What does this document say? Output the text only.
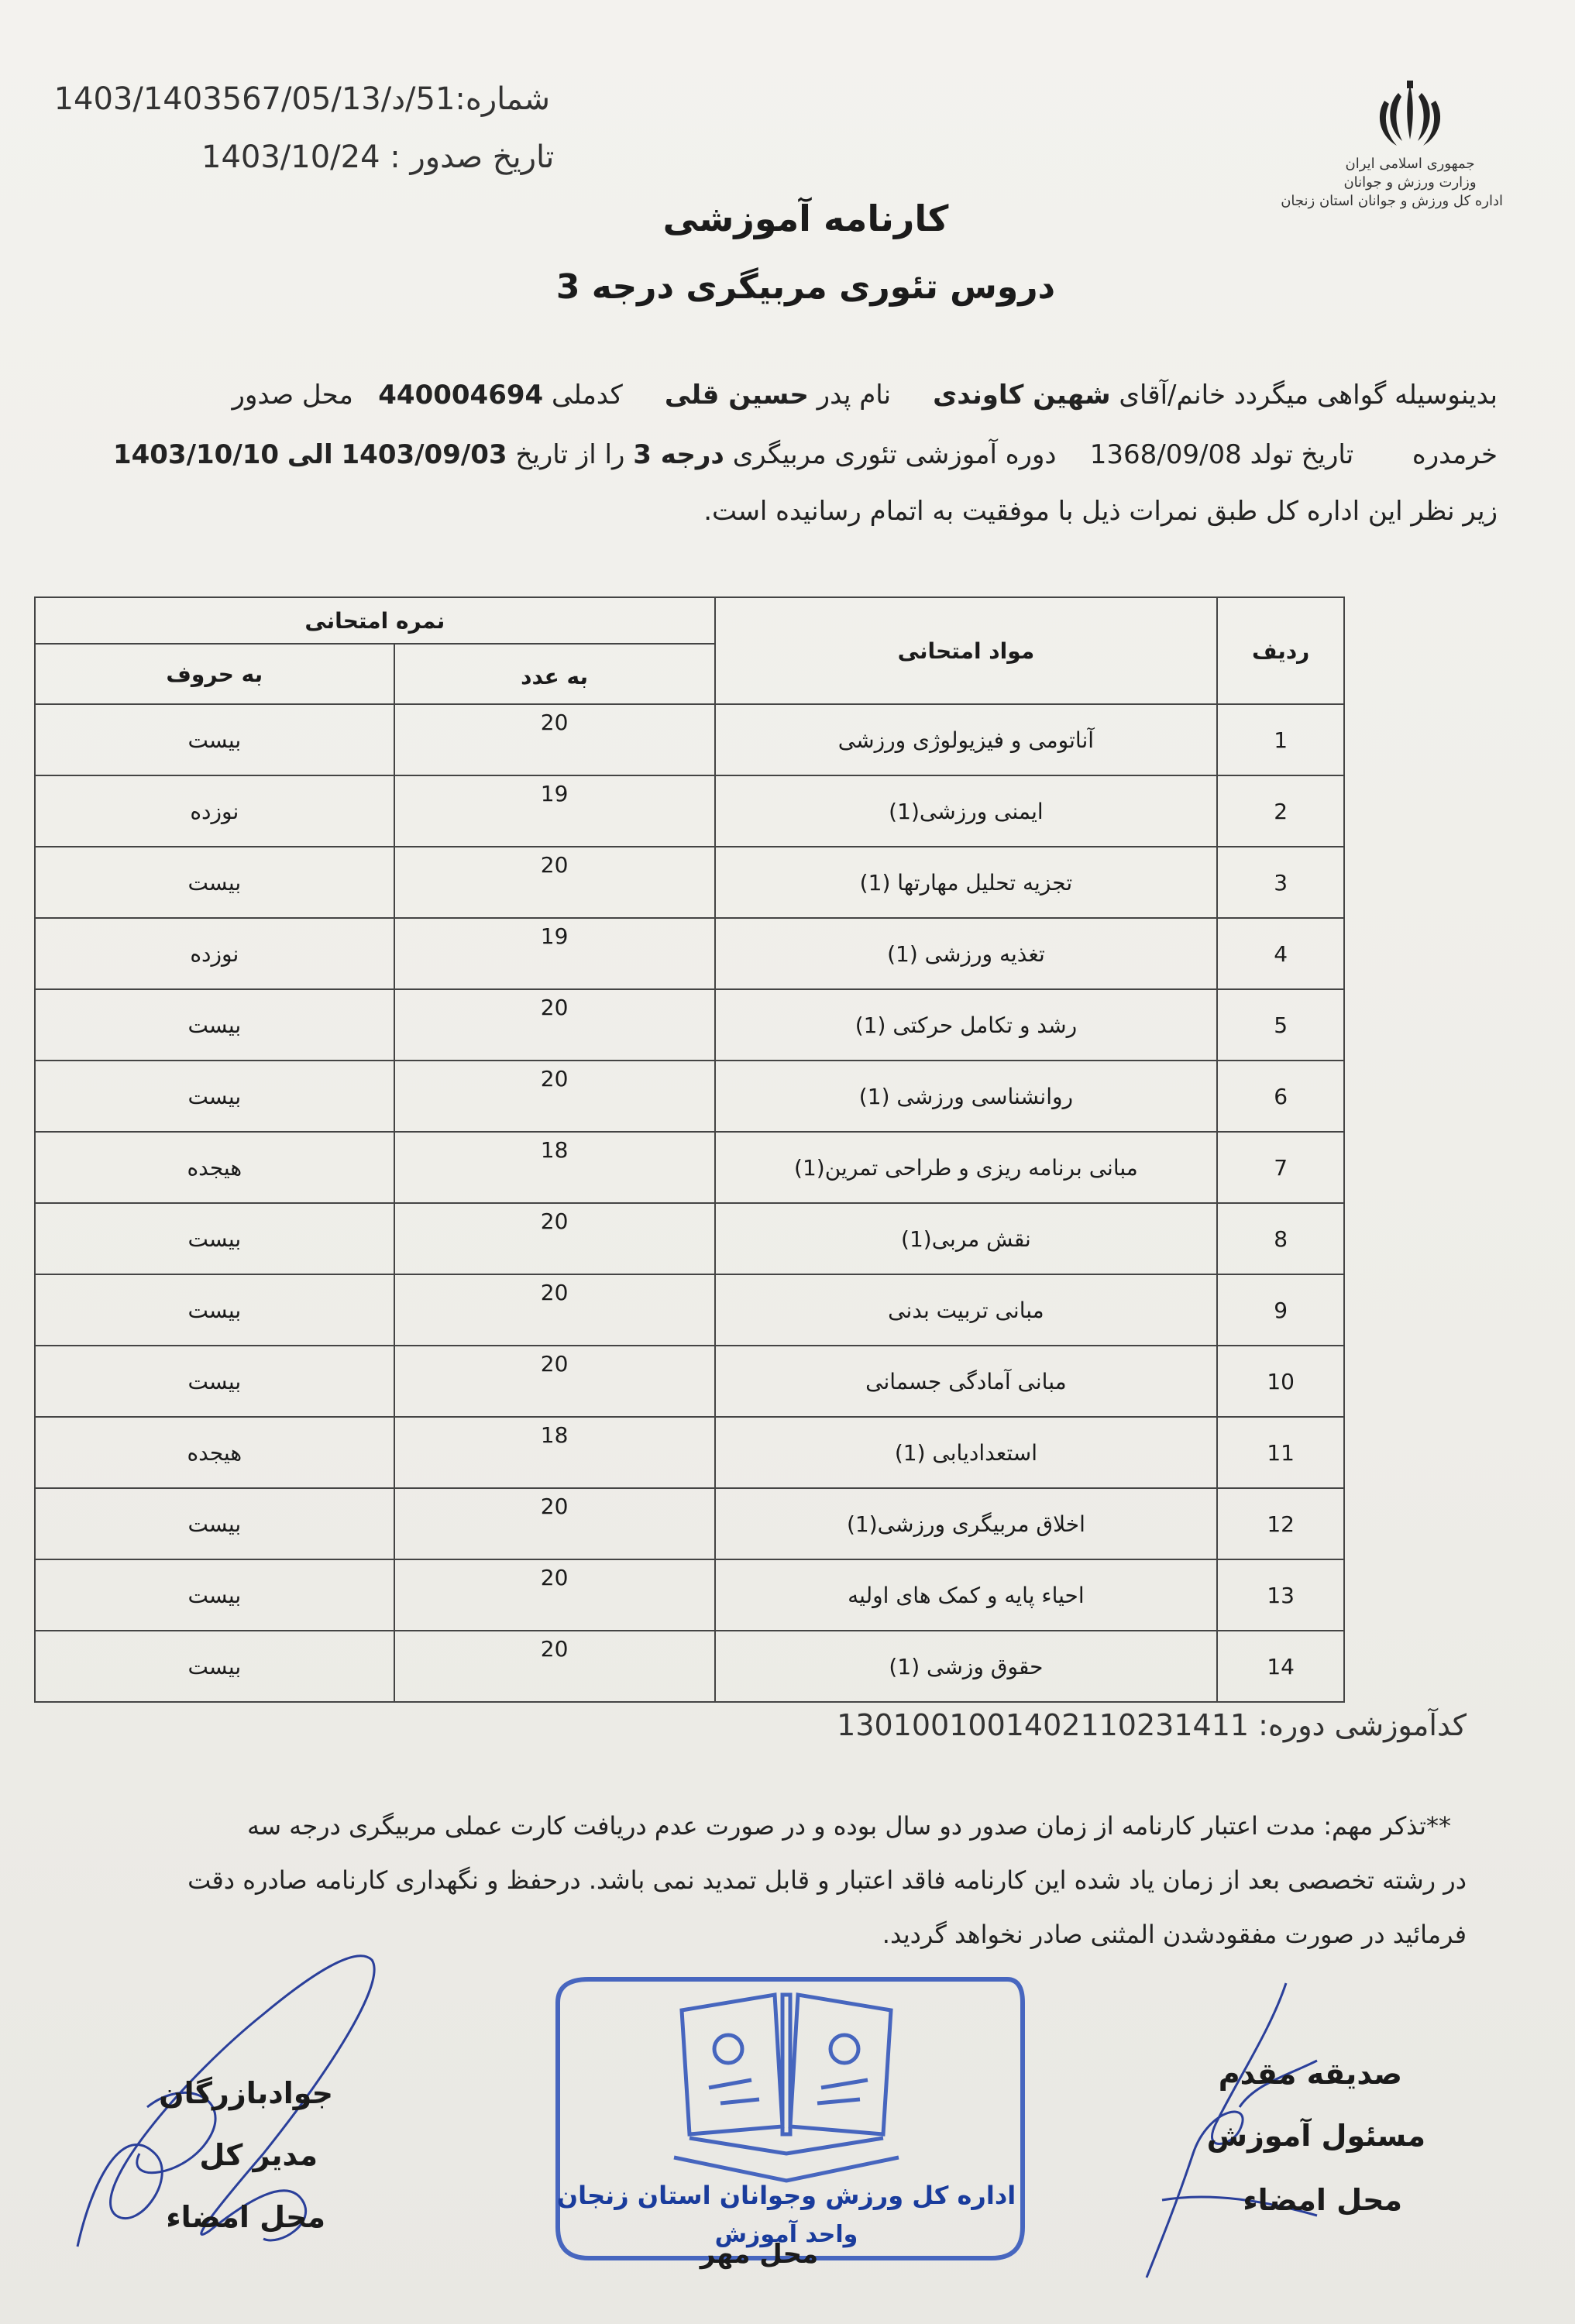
شماره:51/د/1403/1403567/05/13
تاریخ صدور : 1403/10/24	جمهوری اسلامی ایران
وزارت ورزش و جوانان
اداره کل ورزش و جوانان استان زنجان
کارنامه آموزشی
دروس تئوری مربیگری درجه 3
بدینوسیله گواهی میگردد خانم/آقای شهین کاوندی     نام پدر حسین قلی     کدملی 440004694   محل صدور
خرمدره       تاریخ تولد 1368/09/08    دوره آموزشی تئوری مربیگری درجه 3 را از تاریخ 1403/09/03 الی 1403/10/10
زیر نظر این اداره کل طبق نمرات ذیل با موفقیت به اتمام رسانیده است.
ردیف	مواد امتحانی	نمره امتحانی	
		به عدد	به حروف
1	آناتومی و فیزیولوژی ورزشی	20	بیست
2	ایمنی ورزشی(1)	19	نوزده
3	تجزیه تحلیل مهارتها (1)	20	بیست
4	تغذیه ورزشی (1)	19	نوزده
5	رشد و تکامل حرکتی (1)	20	بیست
6	روانشناسی ورزشی (1)	20	بیست
7	مبانی برنامه ریزی و طراحی تمرین(1)	18	هیجده
8	نقش مربی(1)	20	بیست
9	مبانی تربیت بدنی	20	بیست
10	مبانی آمادگی جسمانی	20	بیست
11	استعدادیابی (1)	18	هیجده
12	اخلاق مربیگری ورزشی(1)	20	بیست
13	احیاء پایه و کمک های اولیه	20	بیست
14	حقوق وزشی (1)	20	بیست
کدآموزشی دوره: 1301001001402110231411
**تذکر مهم: مدت اعتبار کارنامه از زمان صدور دو سال بوده و در صورت عدم دریافت کارت عملی مربیگری درجه سه
در رشته تخصصی بعد از زمان یاد شده این کارنامه فاقد اعتبار و قابل تمدید نمی باشد. درحفظ و نگهداری کارنامه صادره دقت
فرمائید در صورت مفقودشدن المثنی صادر نخواهد گردید.
جوادبازرگان
مدیر کل
محل امضاء
اداره کل ورزش وجوانان استان زنجان
واحد آموزش
محل مهر
صدیقه مقدم
مسئول آموزش
محل امضاء
